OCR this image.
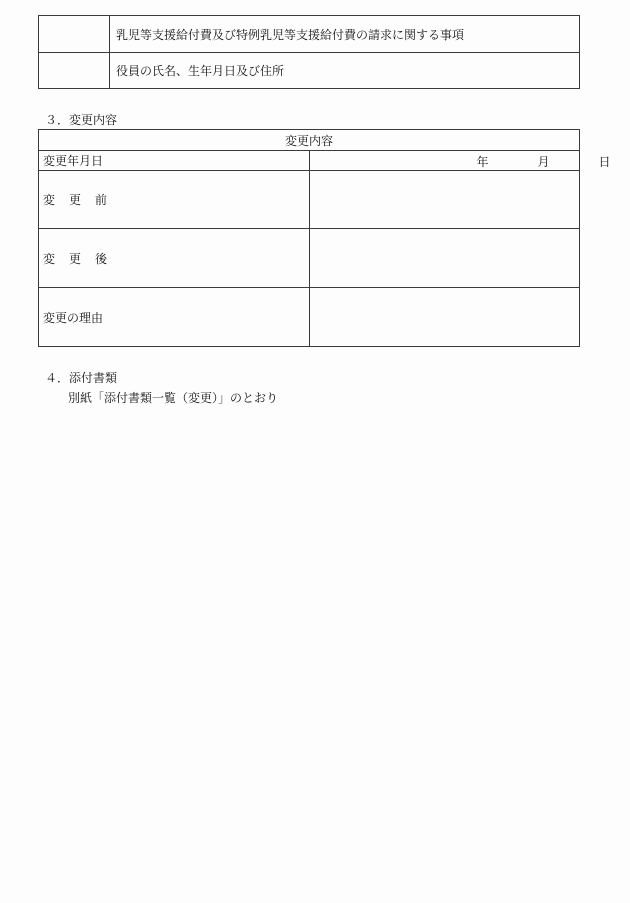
	乳児等支援給付費及び特例乳児等支援給付費の請求に関する事項
	役員の氏名、生年月日及び住所
３．変更内容
変更内容	
変更年月日	年 月 日

変 更 前	
変 更 後	
変更の理由	
４．添付書類
別紙「添付書類一覧（変更）」のとおり
